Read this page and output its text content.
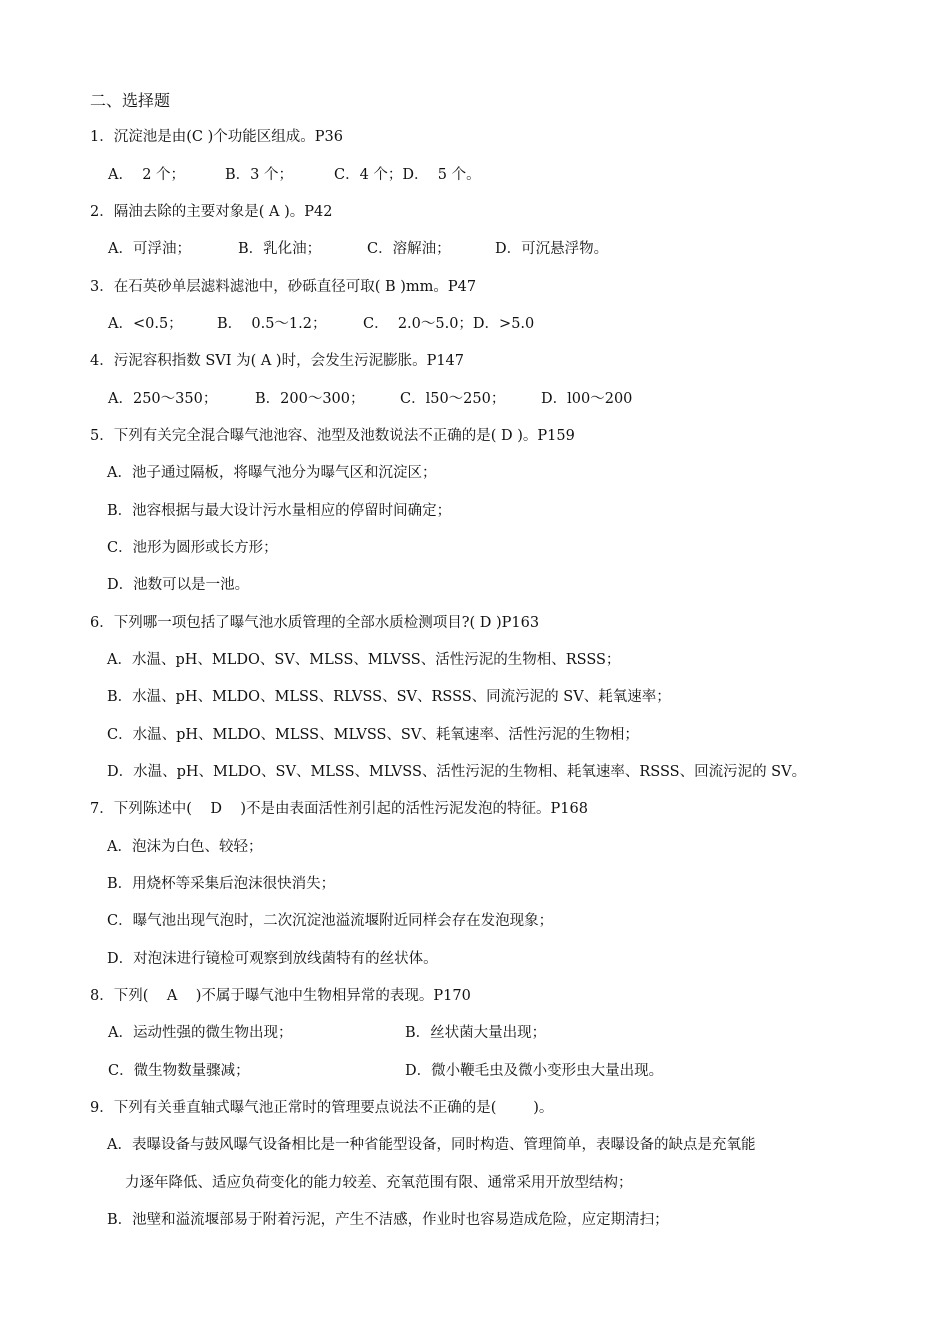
二、选择题
1．沉淀池是由(C )个功能区组成。P36

A．  2 个；

	B．3 个；

	C．4 个；D．  5 个。

2．隔油去除的主要对象是( A )。P42

A．可浮油；

	B．乳化油；

	C．溶解油；

	D．可沉悬浮物。

3．在石英砂单层滤料滤池中，砂砾直径可取( B )mm。P47

A．<0.5；

B．  0.5～1.2；

	C．  2.0～5.0；D．>5.0

4．污泥容积指数 SVI 为( A )时，会发生污泥膨胀。P147

A．250～350；

	B．200～300；

C．l50～250；

D．l00～200

5．下列有关完全混合曝气池池容、池型及池数说法不正确的是( D )。P159
A．池子通过隔板，将曝气池分为曝气区和沉淀区；
B．池容根据与最大设计污水量相应的停留时间确定；
C．池形为圆形或长方形；
D．池数可以是一池。
6．下列哪一项包括了曝气池水质管理的全部水质检测项目?( D )P163
A．水温、pH、MLDO、SV、MLSS、MLVSS、活性污泥的生物相、RSSS；
B．水温、pH、MLDO、MLSS、RLVSS、SV、RSSS、同流污泥的 SV、耗氧速率；
C．水温、pH、MLDO、MLSS、MLVSS、SV、耗氧速率、活性污泥的生物相；
D．水温、pH、MLDO、SV、MLSS、MLVSS、活性污泥的生物相、耗氧速率、RSSS、回流污泥的 SV。
7．下列陈述中(    D    )不是由表面活性剂引起的活性污泥发泡的特征。P168
A．泡沫为白色、较轻；
B．用烧杯等采集后泡沫很快消失；
C．曝气池出现气泡时，二次沉淀池溢流堰附近同样会存在发泡现象；
D．对泡沫进行镜检可观察到放线菌特有的丝状体。
8．下列(    A    )不属于曝气池中生物相异常的表现。P170

A．运动性强的微生物出现；

	B．丝状菌大量出现；

C．微生物数量骤减；

	D．微小鞭毛虫及微小变形虫大量出现。

9．下列有关垂直轴式曝气池正常时的管理要点说法不正确的是(        )。
A．表曝设备与鼓风曝气设备相比是一种省能型设备，同时构造、管理简单，表曝设备的缺点是充氧能
力逐年降低、适应负荷变化的能力较差、充氧范围有限、通常采用开放型结构；
B．池壁和溢流堰部易于附着污泥，产生不洁感，作业时也容易造成危险，应定期清扫；
